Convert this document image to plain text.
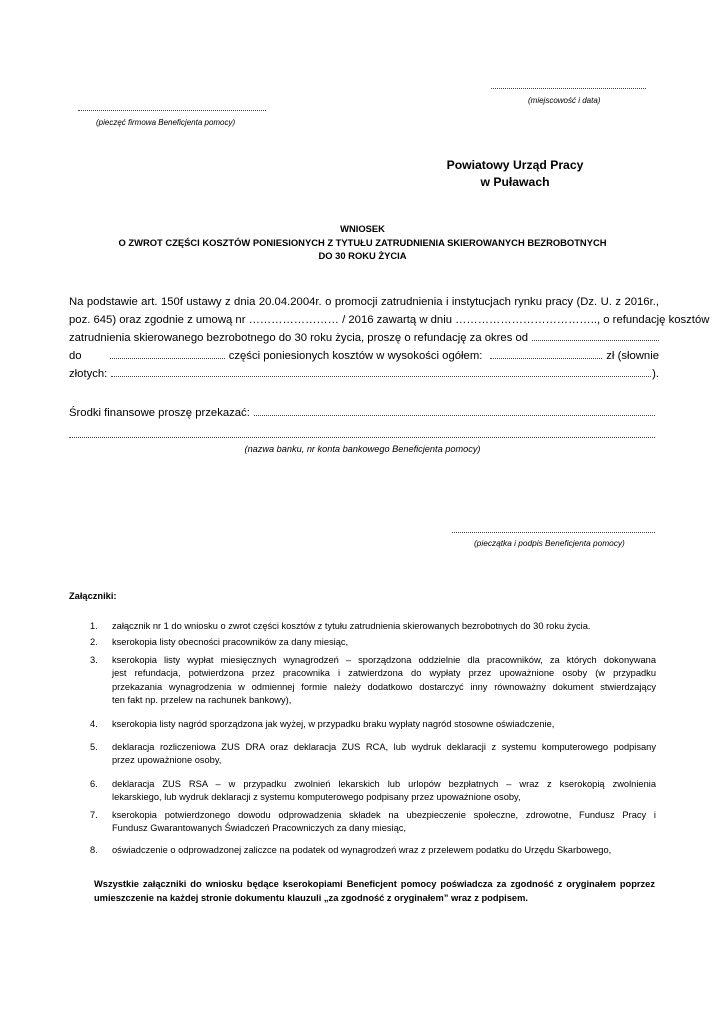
(miejscowość i data)
(pieczęć firmowa Beneficjenta pomocy)
Powiatowy Urząd Pracy
w Puławach
WNIOSEK
O ZWROT CZĘŚCI KOSZTÓW PONIESIONYCH Z TYTUŁU ZATRUDNIENIA SKIEROWANYCH BEZROBOTNYCH
DO 30 ROKU ŻYCIA
Na podstawie art. 150f ustawy z dnia 20.04.2004r. o promocji zatrudnienia i instytucjach rynku pracy (Dz. U. z 2016r.,
poz. 645) oraz zgodnie z umową nr …………………… / 2016 zawartą w dniu ……………………………….., o refundację kosztów
zatrudnienia skierowanego bezrobotnego do 30 roku życia, proszę o refundację za okres od
do	części poniesionych kosztów w wysokości ogółem:	zł (słownie
złotych:	).
Środki finansowe proszę przekazać:
(nazwa banku, nr konta bankowego Beneficjenta pomocy)
(pieczątka i podpis Beneficjenta pomocy)
Załączniki:
1. załącznik nr 1 do wniosku o zwrot części kosztów z tytułu zatrudnienia skierowanych bezrobotnych do 30 roku życia.
2. kserokopia listy obecności pracowników za dany miesiąc,
3. kserokopia listy wypłat miesięcznych wynagrodzeń – sporządzona oddzielnie dla pracowników, za których dokonywana
jest refundacja, potwierdzona przez pracownika i zatwierdzona do wypłaty przez upoważnione osoby (w przypadku
przekazania wynagrodzenia w odmiennej formie należy dodatkowo dostarczyć inny równoważny dokument stwierdzający
ten fakt np. przelew na rachunek bankowy),
4. kserokopia listy nagród sporządzona jak wyżej, w przypadku braku wypłaty nagród stosowne oświadczenie,
5. deklaracja rozliczeniowa ZUS DRA oraz deklaracja ZUS RCA, lub wydruk deklaracji z systemu komputerowego podpisany
przez upoważnione osoby,
6. deklaracja ZUS RSA – w przypadku zwolnień lekarskich lub urlopów bezpłatnych – wraz z kserokopią zwolnienia
lekarskiego, lub wydruk deklaracji z systemu komputerowego podpisany przez upoważnione osoby,
7. kserokopia potwierdzonego dowodu odprowadzenia składek na ubezpieczenie społeczne, zdrowotne, Fundusz Pracy i
Fundusz Gwarantowanych Świadczeń Pracowniczych za dany miesiąc,
8. oświadczenie o odprowadzonej zaliczce na podatek od wynagrodzeń wraz z przelewem podatku do Urzędu Skarbowego,
Wszystkie załączniki do wniosku będące kserokopiami Beneficjent pomocy poświadcza za zgodność z oryginałem poprzez
umieszczenie na każdej stronie dokumentu klauzuli „za zgodność z oryginałem” wraz z podpisem.
